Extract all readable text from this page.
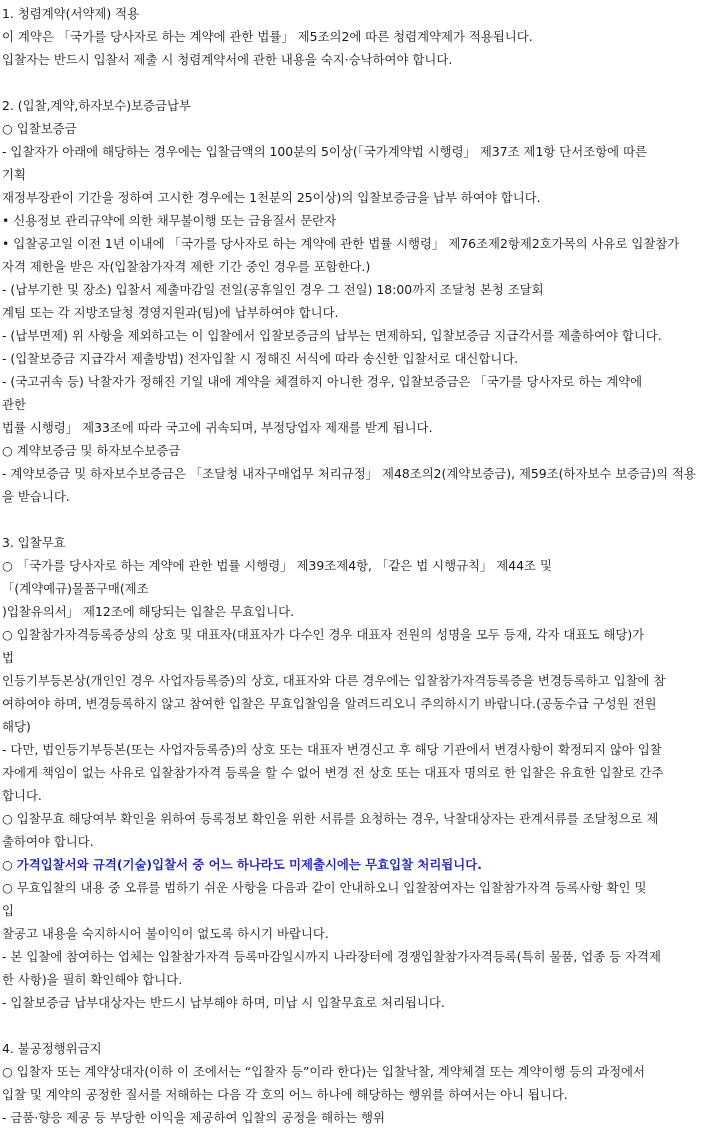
1. 청렴계약(서약제) 적용
이 계약은 「국가를 당사자로 하는 계약에 관한 법률」 제5조의2에 따른 청렴계약제가 적용됩니다.
입찰자는 반드시 입찰서 제출 시 청렴계약서에 관한 내용을 숙지·승낙하여야 합니다.
2. (입찰,계약,하자보수)보증금납부
○ 입찰보증금
- 입찰자가 아래에 해당하는 경우에는 입찰금액의 100분의 5이상(「국가계약법 시행령」 제37조 제1항 단서조항에 따른
기획
재정부장관이 기간을 정하여 고시한 경우에는 1천분의 25이상)의 입찰보증금을 납부 하여야 합니다.
• 신용정보 관리규약에 의한 채무불이행 또는 금융질서 문란자
• 입찰공고일 이전 1년 이내에 「국가를 당사자로 하는 계약에 관한 법률 시행령」 제76조제2항제2호가목의 사유로 입찰참가
자격 제한을 받은 자(입찰참가자격 제한 기간 중인 경우를 포함한다.)
- (납부기한 및 장소) 입찰서 제출마감일 전일(공휴일인 경우 그 전일) 18:00까지 조달청 본청 조달회
계팀 또는 각 지방조달청 경영지원과(팀)에 납부하여야 합니다.
- (납부면제) 위 사항을 제외하고는 이 입찰에서 입찰보증금의 납부는 면제하되, 입찰보증금 지급각서를 제출하여야 합니다.
- (입찰보증금 지급각서 제출방법) 전자입찰 시 정해진 서식에 따라 송신한 입찰서로 대신합니다.
- (국고귀속 등) 낙찰자가 정해진 기일 내에 계약을 체결하지 아니한 경우, 입찰보증금은 「국가를 당사자로 하는 계약에
관한
법률 시행령」 제33조에 따라 국고에 귀속되며, 부정당업자 제재를 받게 됩니다.
○ 계약보증금 및 하자보수보증금
- 계약보증금 및 하자보수보증금은 「조달청 내자구매업무 처리규정」 제48조의2(계약보증금), 제59조(하자보수 보증금)의 적용
을 받습니다.
3. 입찰무효
○ 「국가를 당사자로 하는 계약에 관한 법률 시행령」 제39조제4항, 「같은 법 시행규칙」 제44조 및
「(계약예규)물품구매(제조
)입찰유의서」 제12조에 해당되는 입찰은 무효입니다.
○ 입찰참가자격등록증상의 상호 및 대표자(대표자가 다수인 경우 대표자 전원의 성명을 모두 등재, 각자 대표도 해당)가
법
인등기부등본상(개인인 경우 사업자등록증)의 상호, 대표자와 다른 경우에는 입찰참가자격등록증을 변경등록하고 입찰에 참
여하여야 하며, 변경등록하지 않고 참여한 입찰은 무효입찰임을 알려드리오니 주의하시기 바랍니다.(공동수급 구성원 전원
해당)
- 다만, 법인등기부등본(또는 사업자등록증)의 상호 또는 대표자 변경신고 후 해당 기관에서 변경사항이 확정되지 않아 입찰
자에게 책임이 없는 사유로 입찰참가자격 등록을 할 수 없어 변경 전 상호 또는 대표자 명의로 한 입찰은 유효한 입찰로 간주
합니다.
○ 입찰무효 해당여부 확인을 위하여 등록정보 확인을 위한 서류를 요청하는 경우, 낙찰대상자는 관계서류를 조달청으로 제
출하여야 합니다.
○ 가격입찰서와 규격(기술)입찰서 중 어느 하나라도 미제출시에는 무효입찰 처리됩니다.
○ 무효입찰의 내용 중 오류를 범하기 쉬운 사항을 다음과 같이 안내하오니 입찰참여자는 입찰참가자격 등록사항 확인 및
입
찰공고 내용을 숙지하시어 불이익이 없도록 하시기 바랍니다.
- 본 입찰에 참여하는 업체는 입찰참가자격 등록마감일시까지 나라장터에 경쟁입찰참가자격등록(특히 물품, 업종 등 자격제
한 사항)을 필히 확인해야 합니다.
- 입찰보증금 납부대상자는 반드시 납부해야 하며, 미납 시 입찰무효로 처리됩니다.
4. 불공정행위금지
○ 입찰자 또는 계약상대자(이하 이 조에서는 “입찰자 등”이라 한다)는 입찰낙찰, 계약체결 또는 계약이행 등의 과정에서
입찰 및 계약의 공정한 질서를 저해하는 다음 각 호의 어느 하나에 해당하는 행위를 하여서는 아니 됩니다.
- 금품·향응 제공 등 부당한 이익을 제공하여 입찰의 공정을 해하는 행위
